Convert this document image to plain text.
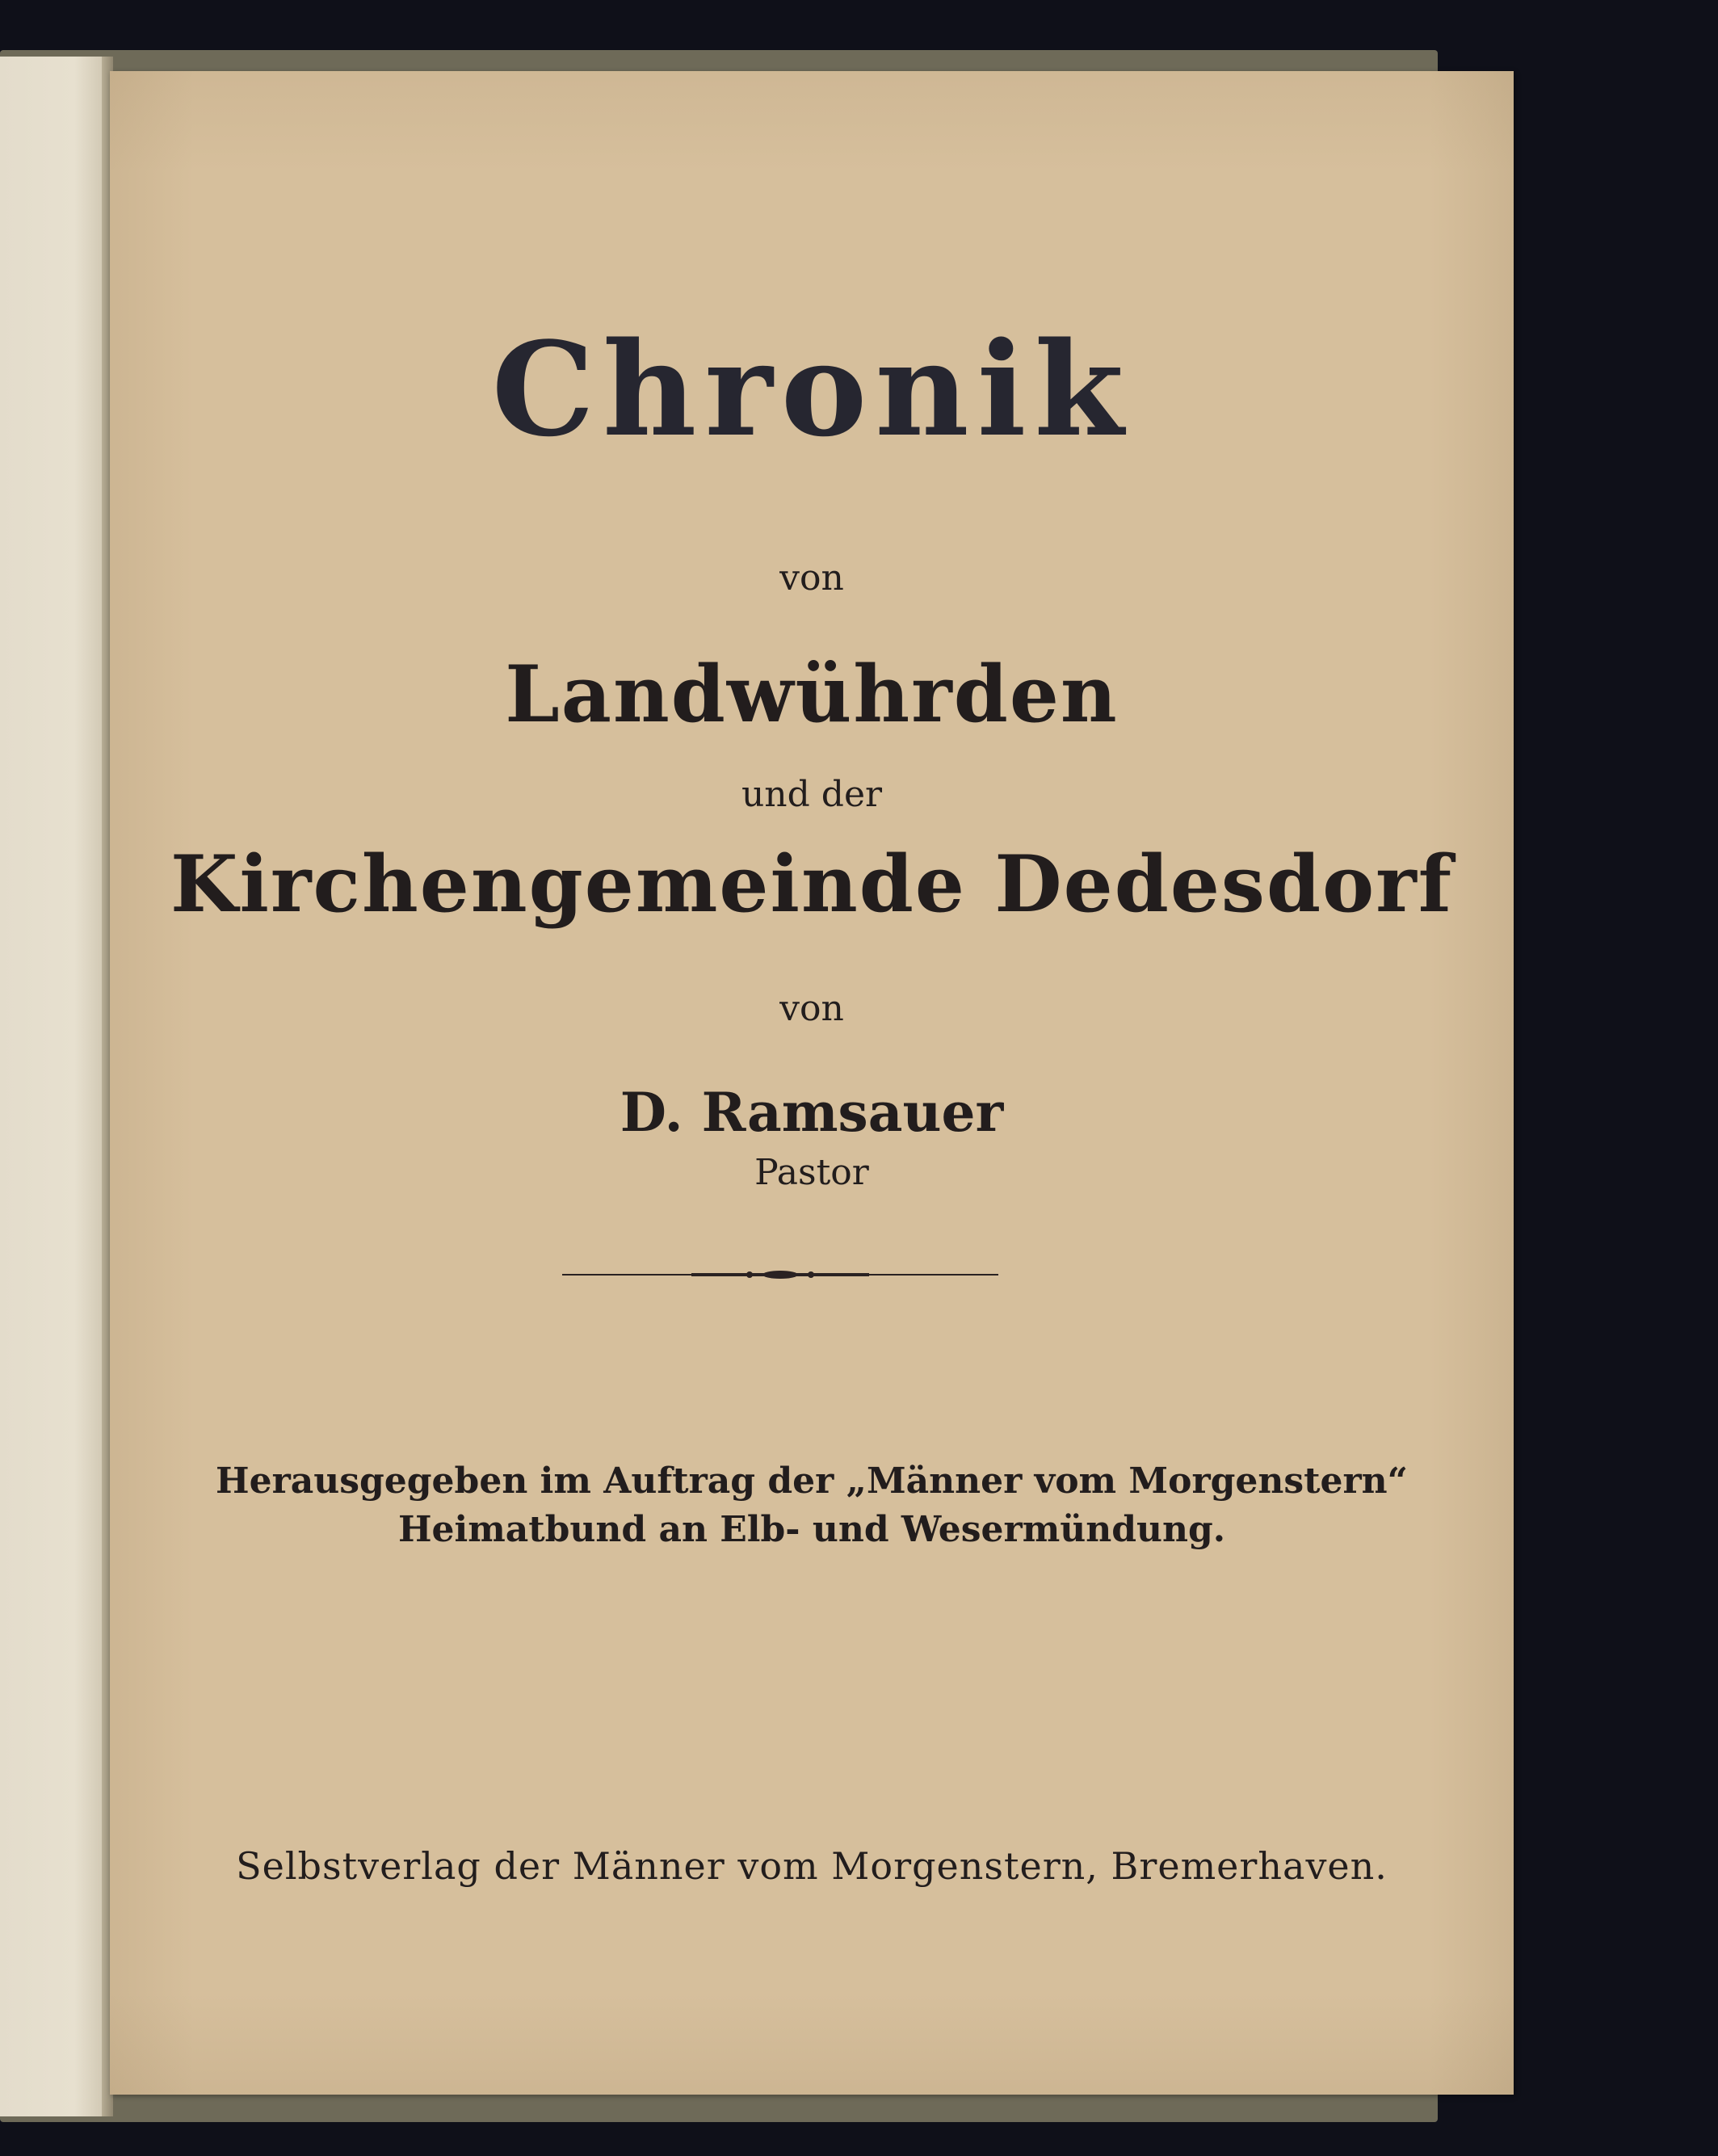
Chronik
von
Landwührden
und der
Kirchengemeinde Dedesdorf
von
D. Ramsauer
Pastor
Herausgegeben im Auftrag der „Männer vom Morgenstern“
Heimatbund an Elb- und Wesermündung.
Selbstverlag der Männer vom Morgenstern, Bremerhaven.
